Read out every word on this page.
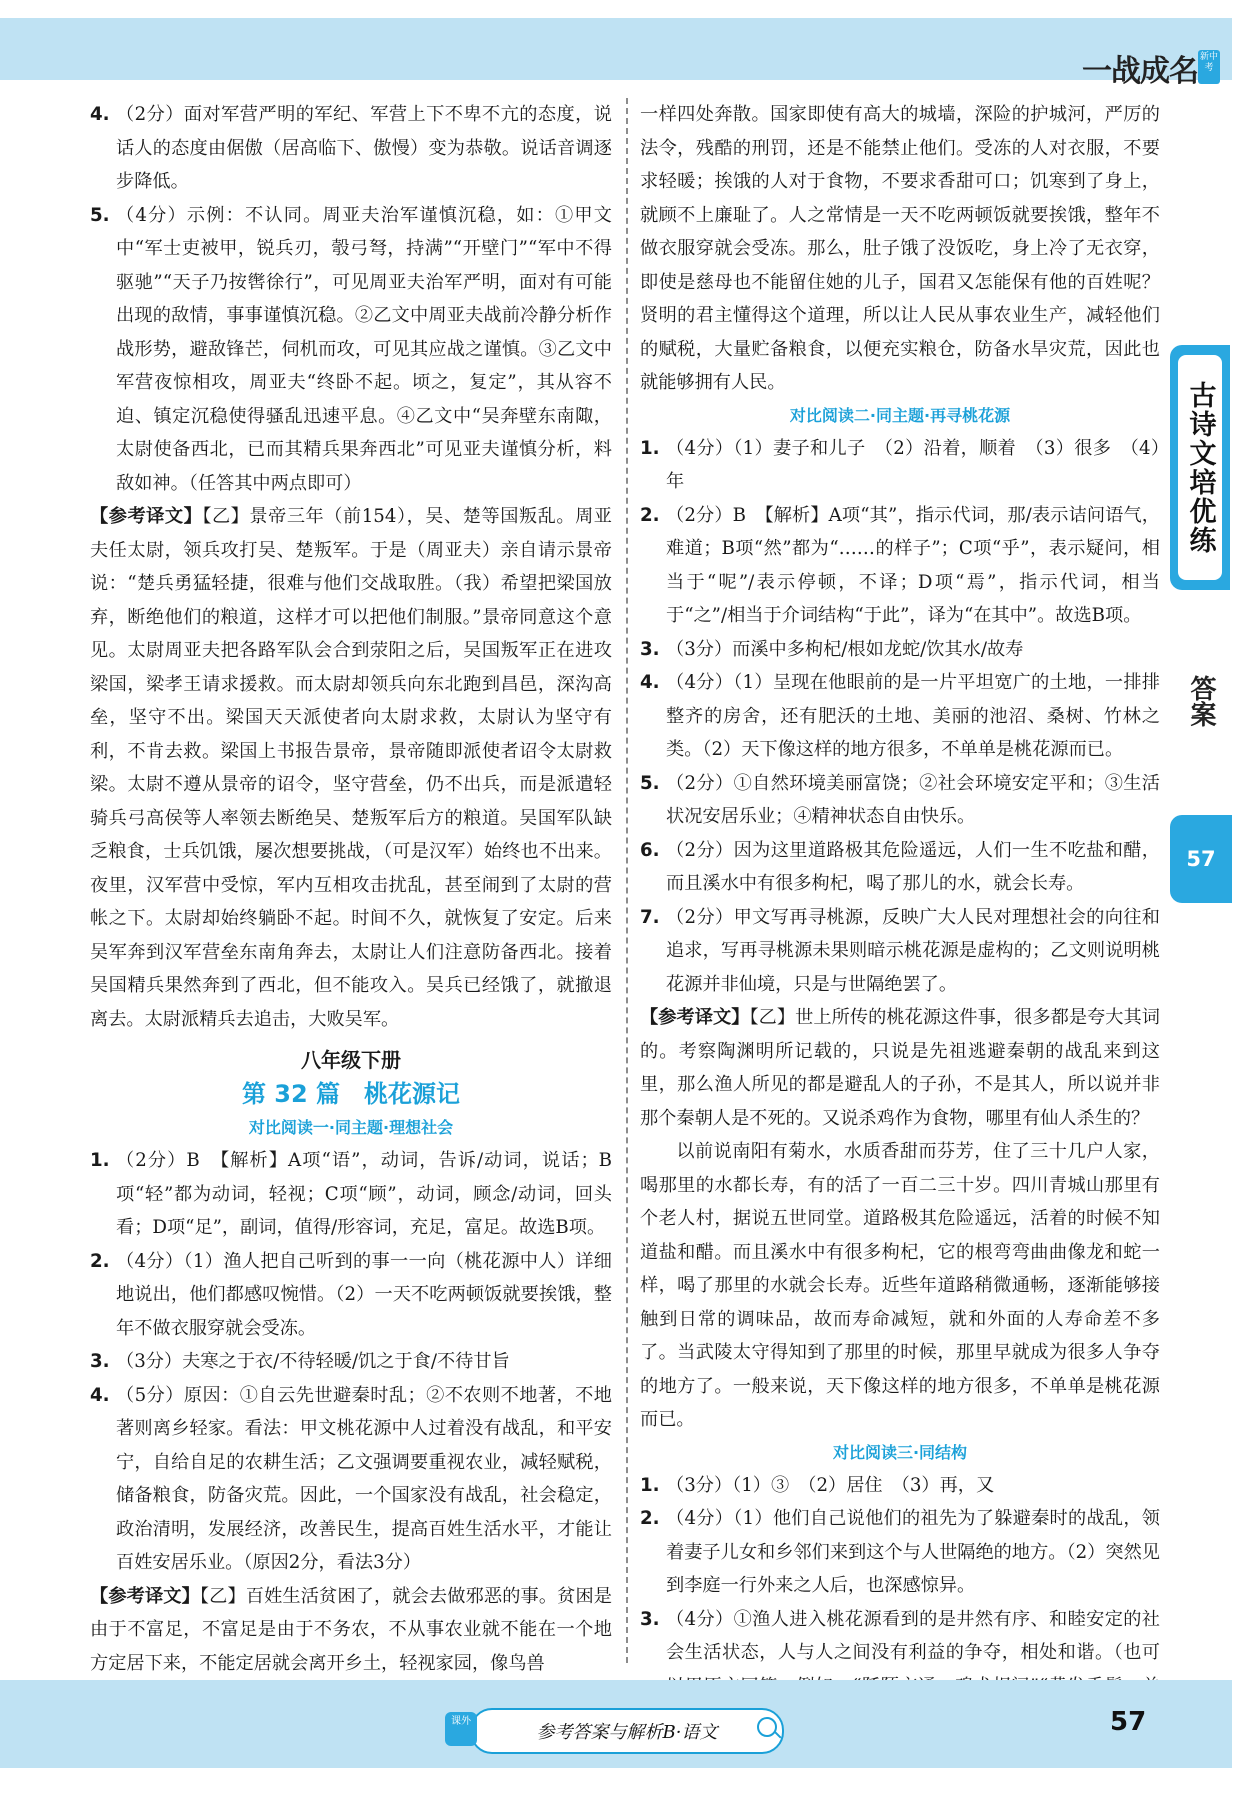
一战成名 新中考
4. （2分）面对军营严明的军纪、军营上下不卑不亢的态度，说话人的态度由倨傲（居高临下、傲慢）变为恭敬。说话音调逐步降低。
5. （4分）示例：不认同。周亚夫治军谨慎沉稳，如：①甲文中“军士吏被甲，锐兵刃，彀弓弩，持满”“开壁门”“军中不得驱驰”“天子乃按辔徐行”，可见周亚夫治军严明，面对有可能出现的敌情，事事谨慎沉稳。②乙文中周亚夫战前冷静分析作战形势，避敌锋芒，伺机而攻，可见其应战之谨慎。③乙文中军营夜惊相攻，周亚夫“终卧不起。顷之，复定”，其从容不迫、镇定沉稳使得骚乱迅速平息。④乙文中“吴奔壁东南陬，太尉使备西北，已而其精兵果奔西北”可见亚夫谨慎分析，料敌如神。（任答其中两点即可）
【参考译文】【乙】景帝三年（前154），吴、楚等国叛乱。周亚夫任太尉，领兵攻打吴、楚叛军。于是（周亚夫）亲自请示景帝说：“楚兵勇猛轻捷，很难与他们交战取胜。（我）希望把梁国放弃，断绝他们的粮道，这样才可以把他们制服。”景帝同意这个意见。太尉周亚夫把各路军队会合到荥阳之后，吴国叛军正在进攻梁国，梁孝王请求援救。而太尉却领兵向东北跑到昌邑，深沟高垒，坚守不出。梁国天天派使者向太尉求救，太尉认为坚守有利，不肯去救。梁国上书报告景帝，景帝随即派使者诏令太尉救梁。太尉不遵从景帝的诏令，坚守营垒，仍不出兵，而是派遣轻骑兵弓高侯等人率领去断绝吴、楚叛军后方的粮道。吴国军队缺乏粮食，士兵饥饿，屡次想要挑战，（可是汉军）始终也不出来。夜里，汉军营中受惊，军内互相攻击扰乱，甚至闹到了太尉的营帐之下。太尉却始终躺卧不起。时间不久，就恢复了安定。后来吴军奔到汉军营垒东南角奔去，太尉让人们注意防备西北。接着吴国精兵果然奔到了西北，但不能攻入。吴兵已经饿了，就撤退离去。太尉派精兵去追击，大败吴军。
八年级下册
第 32 篇　桃花源记
对比阅读一·同主题·理想社会
1. （2分）B　【解析】A项“语”，动词，告诉/动词，说话；B项“轻”都为动词，轻视；C项“顾”，动词，顾念/动词，回头看；D项“足”，副词，值得/形容词，充足，富足。故选B项。
2. （4分）（1）渔人把自己听到的事一一向（桃花源中人）详细地说出，他们都感叹惋惜。（2）一天不吃两顿饭就要挨饿，整年不做衣服穿就会受冻。
3. （3分）夫寒之于衣/不待轻暖/饥之于食/不待甘旨
4. （5分）原因：①自云先世避秦时乱；②不农则不地著，不地著则离乡轻家。看法：甲文桃花源中人过着没有战乱，和平安宁，自给自足的农耕生活；乙文强调要重视农业，减轻赋税，储备粮食，防备灾荒。因此，一个国家没有战乱，社会稳定，政治清明，发展经济，改善民生，提高百姓生活水平，才能让百姓安居乐业。（原因2分，看法3分）
【参考译文】【乙】百姓生活贫困了，就会去做邪恶的事。贫困是由于不富足，不富足是由于不务农，不从事农业就不能在一个地方定居下来，不能定居就会离开乡土，轻视家园，像鸟兽
一样四处奔散。国家即使有高大的城墙，深险的护城河，严厉的法令，残酷的刑罚，还是不能禁止他们。受冻的人对衣服，不要求轻暖；挨饿的人对于食物，不要求香甜可口；饥寒到了身上，就顾不上廉耻了。人之常情是一天不吃两顿饭就要挨饿，整年不做衣服穿就会受冻。那么，肚子饿了没饭吃，身上冷了无衣穿，即使是慈母也不能留住她的儿子，国君又怎能保有他的百姓呢？贤明的君主懂得这个道理，所以让人民从事农业生产，减轻他们的赋税，大量贮备粮食，以便充实粮仓，防备水旱灾荒，因此也就能够拥有人民。
对比阅读二·同主题·再寻桃花源
1. （4分）（1）妻子和儿子　（2）沿着，顺着　（3）很多　（4）年
2. （2分）B　【解析】A项“其”，指示代词，那/表示诘问语气，难道；B项“然”都为“……的样子”；C项“乎”，表示疑问，相当于“呢”/表示停顿，不译；D项“焉”，指示代词，相当于“之”/相当于介词结构“于此”，译为“在其中”。故选B项。
3. （3分）而溪中多枸杞/根如龙蛇/饮其水/故寿
4. （4分）（1）呈现在他眼前的是一片平坦宽广的土地，一排排整齐的房舍，还有肥沃的土地、美丽的池沼、桑树、竹林之类。（2）天下像这样的地方很多，不单单是桃花源而已。
5. （2分）①自然环境美丽富饶；②社会环境安定平和；③生活状况安居乐业；④精神状态自由快乐。
6. （2分）因为这里道路极其危险遥远，人们一生不吃盐和醋，而且溪水中有很多枸杞，喝了那儿的水，就会长寿。
7. （2分）甲文写再寻桃源，反映广大人民对理想社会的向往和追求，写再寻桃源未果则暗示桃花源是虚构的；乙文则说明桃花源并非仙境，只是与世隔绝罢了。
【参考译文】【乙】世上所传的桃花源这件事，很多都是夸大其词的。考察陶渊明所记载的，只说是先祖逃避秦朝的战乱来到这里，那么渔人所见的都是避乱人的子孙，不是其人，所以说并非那个秦朝人是不死的。又说杀鸡作为食物，哪里有仙人杀生的？
以前说南阳有菊水，水质香甜而芬芳，住了三十几户人家，喝那里的水都长寿，有的活了一百二三十岁。四川青城山那里有个老人村，据说五世同堂。道路极其危险遥远，活着的时候不知道盐和醋。而且溪水中有很多枸杞，它的根弯弯曲曲像龙和蛇一样，喝了那里的水就会长寿。近些年道路稍微通畅，逐渐能够接触到日常的调味品，故而寿命减短，就和外面的人寿命差不多了。当武陵太守得知到了那里的时候，那里早就成为很多人争夺的地方了。一般来说，天下像这样的地方很多，不单单是桃花源而已。
对比阅读三·同结构
1. （3分）（1）③　（2）居住　（3）再，又
2. （4分）（1）他们自己说他们的祖先为了躲避秦时的战乱，领着妻子儿女和乡邻们来到这个与人世隔绝的地方。（2）突然见到李庭一行外来之人后，也深感惊异。
3. （4分）①渔人进入桃花源看到的是井然有序、和睦安定的社会生活状态，人与人之间没有利益的争夺，相处和谐。（也可
古诗文培优练
答案
57
参考答案与解析B·语文
课外	57
